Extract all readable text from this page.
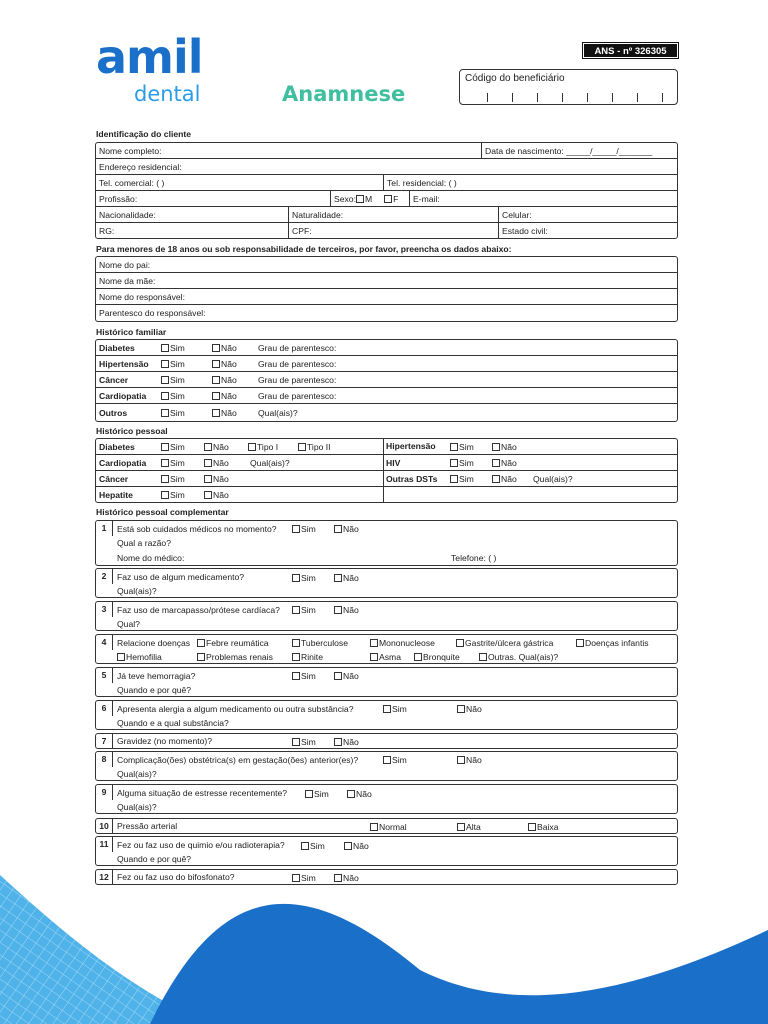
amil
dental	Anamnese
ANS - nº 326305
Código do beneficiário
Identificação do cliente
Nome completo:	Data de nascimento: _____/_____/_______
Endereço residencial:
Tel. comercial: ( )	Tel. residencial: ( )
Profissão:	Sexo: M F	E-mail:
Nacionalidade:	Naturalidade:	Celular:
RG:	CPF:	Estado civil:
Para menores de 18 anos ou sob responsabilidade de terceiros, por favor, preencha os dados abaixo:
Nome do pai:
Nome da mãe:
Nome do responsável:
Parentesco do responsável:
Histórico familiar
Diabetes	Sim	Não Grau de parentesco:
Hipertensão	Sim	Não Grau de parentesco:
Câncer	Sim	Não Grau de parentesco:
Cardiopatia	Sim	Não Grau de parentesco:
Outros	Sim	Não Qual(ais)?
Histórico pessoal
Diabetes	Sim	Não	Tipo I	Tipo II	Hipertensão	Sim	Não
Cardiopatia	Sim	Não Qual(ais)?	HIV	Sim	Não
Câncer	Sim	Não	Outras DSTs	Sim	Não Qual(ais)?
Hepatite	Sim	Não
Histórico pessoal complementar
1	Está sob cuidados médicos no momento?	Sim	Não
Qual a razão?
Nome do médico:	Telefone: ( )
2	Faz uso de algum medicamento?	Sim	Não
Qual(ais)?
3	Faz uso de marcapasso/prótese cardíaca?	Sim	Não
Qual?
4	Relacione doenças	Febre reumática	Tuberculose	Mononucleose	Gastrite/úlcera gástrica	Doenças infantis
Hemofilia	Problemas renais	Rinite	Asma	Bronquite	Outras. Qual(ais)?
5	Já teve hemorragia?	Sim	Não
Quando e por quê?
6	Apresenta alergia a algum medicamento ou outra substância?	Sim	Não
Quando e a qual substância?
7	Gravidez (no momento)?	Sim	Não
8	Complicação(ões) obstétrica(s) em gestação(ões) anterior(es)?	Sim	Não
Qual(ais)?
9	Alguma situação de estresse recentemente?	Sim	Não
Qual(ais)?
10 Pressão arterial	Normal	Alta	Baixa
11 Fez ou faz uso de quimio e/ou radioterapia?	Sim	Não
Quando e por quê?
12 Fez ou faz uso do bifosfonato?	Sim	Não
